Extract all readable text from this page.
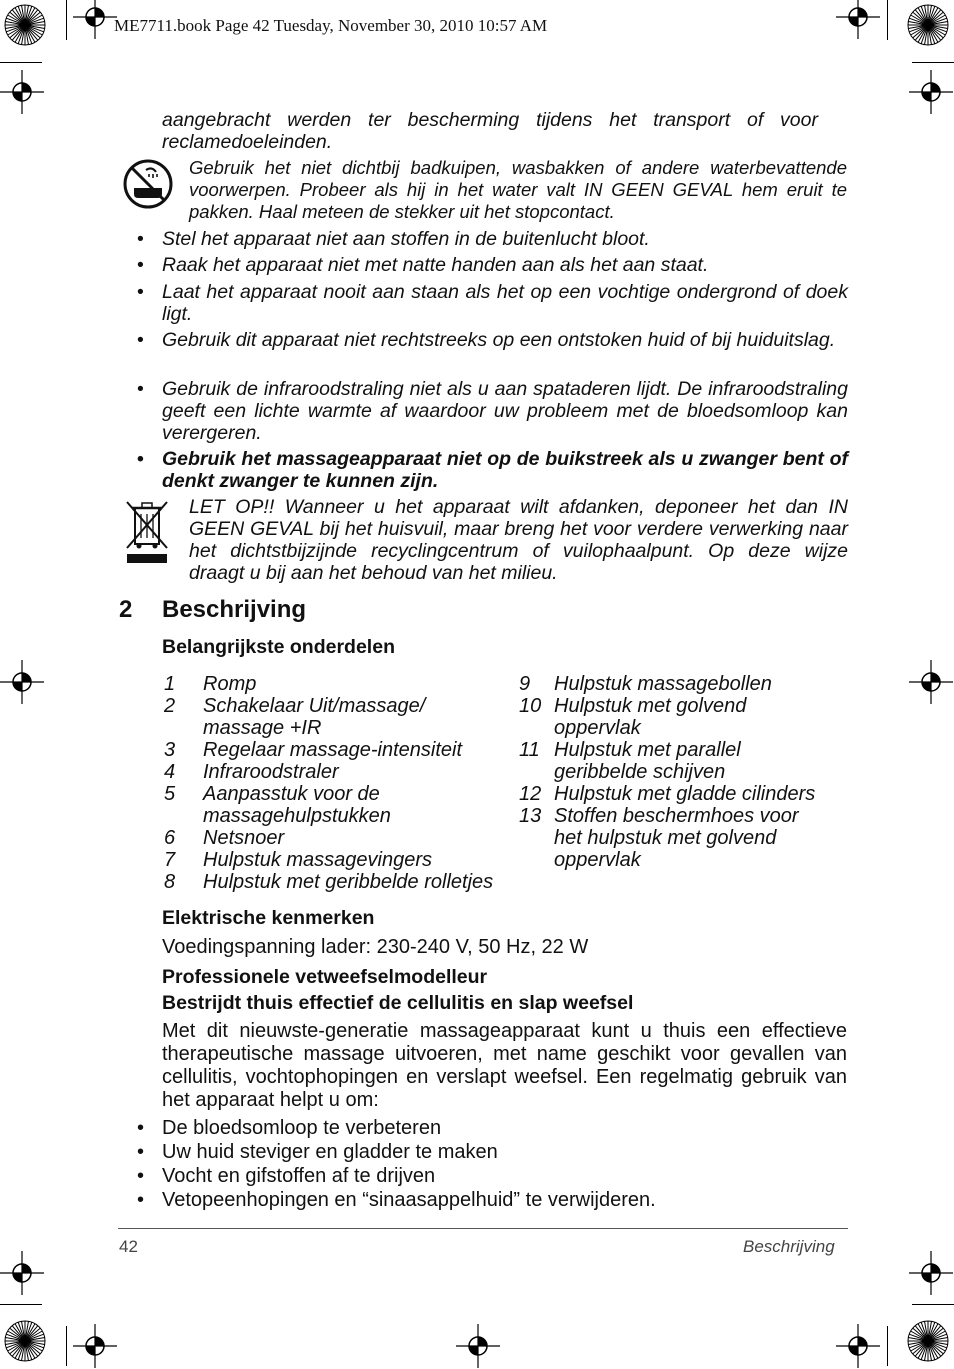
ME7711.book Page 42 Tuesday, November 30, 2010 10:57 AM
aangebracht werden ter bescherming tijdens het transport of voor reclamedoeleinden.
Gebruik het niet dichtbij badkuipen, wasbakken of andere waterbevattende voorwerpen. Probeer als hij in het water valt IN GEEN GEVAL hem eruit te pakken. Haal meteen de stekker uit het stopcontact.
• Stel het apparaat niet aan stoffen in de buitenlucht bloot.
• Raak het apparaat niet met natte handen aan als het aan staat.
• Laat het apparaat nooit aan staan als het op een vochtige ondergrond of doek ligt.
• Gebruik dit apparaat niet rechtstreeks op een ontstoken huid of bij huiduitslag.
• Gebruik de infraroodstraling niet als u aan spataderen lijdt. De infraroodstraling geeft een lichte warmte af waardoor uw probleem met de bloedsomloop kan verergeren.
• Gebruik het massageapparaat niet op de buikstreek als u zwanger bent of denkt zwanger te kunnen zijn.
LET OP!! Wanneer u het apparaat wilt afdanken, deponeer het dan IN GEEN GEVAL bij het huisvuil, maar breng het voor verdere verwerking naar het dichtstbijzijnde recyclingcentrum of vuilophaalpunt. Op deze wijze draagt u bij aan het behoud van het milieu.
2 Beschrijving
Belangrijkste onderdelen
1 Romp
2 Schakelaar Uit/massage/
massage +IR
3 Regelaar massage-intensiteit
4 Infraroodstraler
5 Aanpasstuk voor de
massagehulpstukken
6 Netsnoer
7 Hulpstuk massagevingers
8 Hulpstuk met geribbelde rolletjes
9 Hulpstuk massagebollen
10 Hulpstuk met golvend
oppervlak
11 Hulpstuk met parallel
geribbelde schijven
12 Hulpstuk met gladde cilinders
13 Stoffen beschermhoes voor
het hulpstuk met golvend
oppervlak
Elektrische kenmerken
Voedingspanning lader: 230-240 V, 50 Hz, 22 W
Professionele vetweefselmodelleur
Bestrijdt thuis effectief de cellulitis en slap weefsel
Met dit nieuwste-generatie massageapparaat kunt u thuis een effectieve therapeutische massage uitvoeren, met name geschikt voor gevallen van cellulitis, vochtophopingen en verslapt weefsel. Een regelmatig gebruik van het apparaat helpt u om:
• De bloedsomloop te verbeteren
• Uw huid steviger en gladder te maken
• Vocht en gifstoffen af te drijven
• Vetopeenhopingen en “sinaasappelhuid” te verwijderen.
42	Beschrijving
